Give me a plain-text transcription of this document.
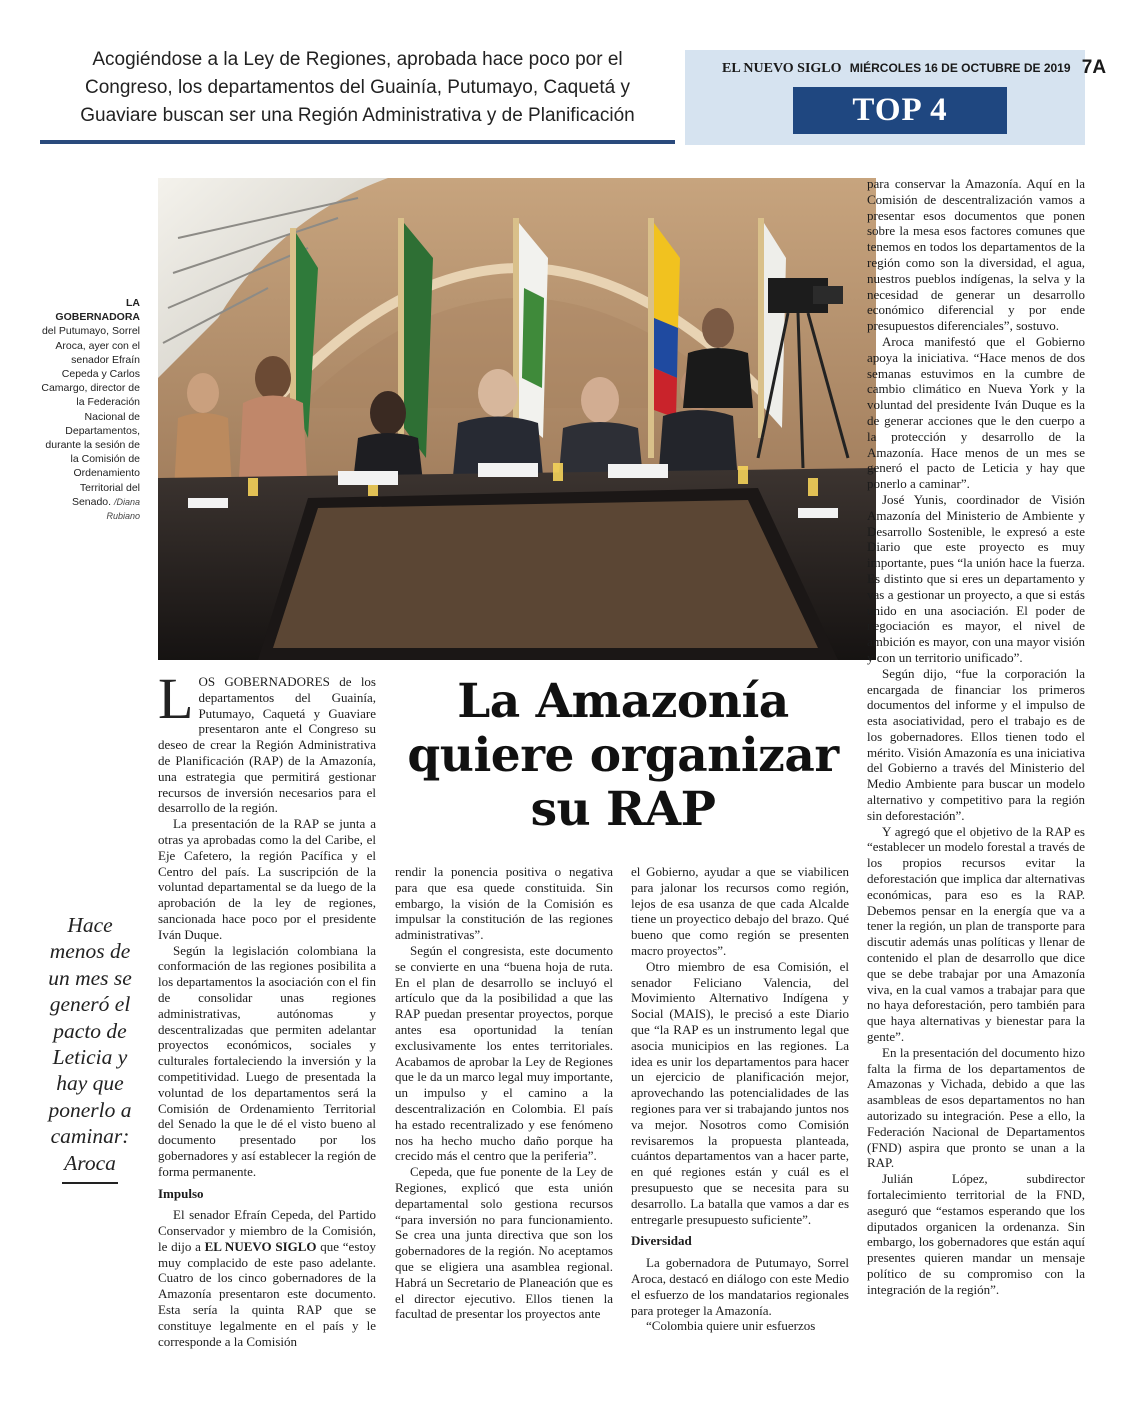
Acogiéndose a la Ley de Regiones, aprobada hace poco por el
Congreso, los departamentos del Guainía, Putumayo, Caquetá y
Guaviare buscan ser una Región Administrativa y de Planificación
EL NUEVO SIGLO MIÉRCOLES 16 DE OCTUBRE DE 2019 7A
TOP 4
LA GOBERNADORA
del Putumayo, Sorrel Aroca, ayer con el senador Efraín Cepeda y Carlos Camargo, director de la Federación Nacional de Departamentos, durante la sesión de la Comisión de Ordenamiento Territorial del Senado. /Diana Rubiano
Hace menos de un mes se generó el pacto de Leticia y hay que ponerlo a caminar: Aroca
La Amazonía quiere organizar su RAP

LOS GOBERNADORES de los departamentos del Guainía, Putumayo, Caquetá y Guaviare presentaron ante el Congreso su deseo de crear la Región Administrativa de Planificación (RAP) de la Amazonía, una estrategia que permitirá gestionar recursos de inversión necesarios para el desarrollo de la región.

La presentación de la RAP se junta a otras ya aprobadas como la del Caribe, el Eje Cafetero, la región Pacífica y el Centro del país. La suscripción de la voluntad departamental se da luego de la aprobación de la ley de regiones, sancionada hace poco por el presidente Iván Duque.

Según la legislación colombiana la conformación de las regiones posibilita a los departamentos la asociación con el fin de consolidar unas regiones administrativas, autónomas y descentralizadas que permiten adelantar proyectos económicos, sociales y culturales fortaleciendo la inversión y la competitividad. Luego de presentada la voluntad de los departamentos será la Comisión de Ordenamiento Territorial del Senado la que le dé el visto bueno al documento presentado por los gobernadores y así establecer la región de forma permanente.

Impulso

El senador Efraín Cepeda, del Partido Conservador y miembro de la Comisión, le dijo a EL NUEVO SIGLO que “estoy muy complacido de este paso adelante. Cuatro de los cinco gobernadores de la Amazonía presentaron este documento. Esta sería la quinta RAP que se constituye legalmente en el país y le corresponde a la Comisión

rendir la ponencia positiva o negativa para que esa quede constituida. Sin embargo, la visión de la Comisión es impulsar la constitución de las regiones administrativas”.

Según el congresista, este documento se convierte en una “buena hoja de ruta. En el plan de desarrollo se incluyó el artículo que da la posibilidad a que las RAP puedan presentar proyectos, porque antes esa oportunidad la tenían exclusivamente los entes territoriales. Acabamos de aprobar la Ley de Regiones que le da un marco legal muy importante, un impulso y el camino a la descentralización en Colombia. El país ha estado recentralizado y ese fenómeno nos ha hecho mucho daño porque ha crecido más el centro que la periferia”.

Cepeda, que fue ponente de la Ley de Regiones, explicó que esta unión departamental solo gestiona recursos “para inversión no para funcionamiento. Se crea una junta directiva que son los gobernadores de la región. No aceptamos que se eligiera una asamblea regional. Habrá un Secretario de Planeación que es el director ejecutivo. Ellos tienen la facultad de presentar los proyectos ante

el Gobierno, ayudar a que se viabilicen para jalonar los recursos como región, lejos de esa usanza de que cada Alcalde tiene un proyectico debajo del brazo. Qué bueno que como región se presenten macro proyectos”.

Otro miembro de esa Comisión, el senador Feliciano Valencia, del Movimiento Alternativo Indígena y Social (MAIS), le precisó a este Diario que “la RAP es un instrumento legal que asocia municipios en las regiones. La idea es unir los departamentos para hacer un ejercicio de planificación mejor, aprovechando las potencialidades de las regiones para ver si trabajando juntos nos va mejor. Nosotros como Comisión revisaremos la propuesta planteada, cuántos departamentos van a hacer parte, en qué regiones están y cuál es el presupuesto que se necesita para su desarrollo. La batalla que vamos a dar es entregarle presupuesto suficiente”.

Diversidad

La gobernadora de Putumayo, Sorrel Aroca, destacó en diálogo con este Medio el esfuerzo de los mandatarios regionales para proteger la Amazonía.

“Colombia quiere unir esfuerzos

para conservar la Amazonía. Aquí en la Comisión de descentralización vamos a presentar esos documentos que ponen sobre la mesa esos factores comunes que tenemos en todos los departamentos de la región como son la diversidad, el agua, nuestros pueblos indígenas, la selva y la necesidad de generar un desarrollo económico diferencial y por ende presupuestos diferenciales”, sostuvo.

Aroca manifestó que el Gobierno apoya la iniciativa. “Hace menos de dos semanas estuvimos en la cumbre de cambio climático en Nueva York y la voluntad del presidente Iván Duque es la de generar acciones que le den cuerpo a la protección y desarrollo de la Amazonía. Hace menos de un mes se generó el pacto de Leticia y hay que ponerlo a caminar”.

José Yunis, coordinador de Visión Amazonía del Ministerio de Ambiente y Desarrollo Sostenible, le expresó a este Diario que este proyecto es muy importante, pues “la unión hace la fuerza. Es distinto que si eres un departamento y vas a gestionar un proyecto, a que si estás unido en una asociación. El poder de negociación es mayor, el nivel de ambición es mayor, con una mayor visión y con un territorio unificado”.

Según dijo, “fue la corporación la encargada de financiar los primeros documentos del informe y el impulso de esta asociatividad, pero el trabajo es de los gobernadores. Ellos tienen todo el mérito. Visión Amazonía es una iniciativa del Gobierno a través del Ministerio del Medio Ambiente para buscar un modelo alternativo y competitivo para la región sin deforestación”.

Y agregó que el objetivo de la RAP es “establecer un modelo forestal a través de los propios recursos evitar la deforestación que implica dar alternativas económicas, para eso es la RAP. Debemos pensar en la energía que va a tener la región, un plan de transporte para discutir además unas políticas y llenar de contenido el plan de desarrollo que dice que se debe trabajar por una Amazonía viva, en la cual vamos a trabajar para que no haya deforestación, pero también para que haya alternativas y bienestar para la gente”.

En la presentación del documento hizo falta la firma de los departamentos de Amazonas y Vichada, debido a que las asambleas de esos departamentos no han autorizado su integración. Pese a ello, la Federación Nacional de Departamentos (FND) aspira que pronto se unan a la RAP.

Julián López, subdirector fortalecimiento territorial de la FND, aseguró que “estamos esperando que los diputados organicen la ordenanza. Sin embargo, los gobernadores que están aquí presentes quieren mandar un mensaje político de su compromiso con la integración de la región”.
